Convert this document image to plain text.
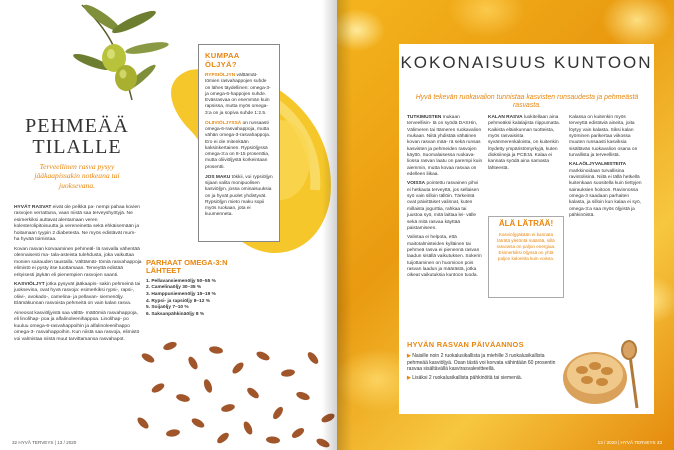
PEHMEÄÄ TILALLE

Terveellinen rasva pysyy jääkaapissakin notkeana tai juoksevana.

HYVÄT RASVAT eivät ole pelkkä pa- nempi pahaa kovien rasvojen verrattuna, vaan niistä saa terveyshyötyjä. Ne esimerkiksi auttavat alentamaan veren kolesterolipitoisuutta ja vereneinetta sekä ehkäisemään ja hoitamaan tyypin 2 diabetesta. Ne myös edistävät mum- ha hyvää toimintaa.

Kovan rasvan korvaaminen pehmeäl- lä rasvalla vähentää olennaisesti ma- tala-asteista tulehdusta, joka vaikuttaa monien sairauden taustalla. Välttämät- tömiä rasvahappoja elimistö ei pysty itse tuottamaan. Terveyttä edistää erityisesti jäykän eli pienempien rasvojen saanti.

KASVIÖLJYT jotka pysyvät jääkaapis- sakin pehmeinä tai juoksevina, ovat hyvä rasvoja: esimerkiksi rypsi-, rapsi-, oliivi-, avokado-, camelina- ja pellavan- siemenöljy. Elämäkunnan rasvoista pehmeitä on vain kalan rasva.

Aineosat kasviöljyistä saa välttä- mättömiä rasvahappoja, eli linolihap- poa ja alfalinoleenihappoa. Linolihap- po kuuluu omega-6-rasvahappoihin ja alfalinoleenihappo omega-3- rasvahappoihin. Kun niistä saa rasvoja, elimistö voi valmistaa niistä muut tarvittamansa rasvahapot.

KUMPAA ÖLJYÄ?

RYPSIÖLJYN välttämät- tömien rasvahappojen suhde on lähes täydellinen: omega-3- ja omega-6-happojen suhde. Eväsrasvaa on enemmän kuin rapsissa, mutta myös omega-3:a on ja sopiva suhde 1:2.5.

OLIIVIÖLJYSSÄ on runsaasti omega-6-rasvahappoja, mutta vähän omega-3-rasvahappoja. Ero ei ole mitenkään kaksinkertainen. Rypsiöljyssä omega-3:a on 8-15 prosenttia, mutta oliiviöljystä korkeintaan prosentti.

JOS MAKU tökkii, voi rypsiöljyn sijaan valita monipuolisen kasviöljyn, jossa ominaisuuksia on ja hyvät puolet yhdistyvät. Rypsiöljyn mieto maku sopii myös ruokaan, jota ei kuumenneta.

PARHAAT OMEGA-3:N LÄHTEET
1. Pellavansiemenöljy 50–55 %
2. Camelinaöljy 30–35 %
3. Hamppuniemenöljy 15–19 %
4. Rypsi- ja rapsiöljy 8–12 %
5. Soijaöljy 7–10 %
6. Saksanpähkinäöljy 8 %
32 HYVÄ TERVEYS | 13 / 2020
KOKONAISUUS KUNTOON

Hyvä tekevän ruokavalion tunnistaa kasvisten runsaudesta ja pehmeästä rasvasta.

TUTKIMUSTEN mukaan terveellisin- tä on syödä DASHin, Välimeren tai Itämeren ruokavalion mukaan. Niitä yhdistää vähäinen kovan rasvan mää- rä sekä runsas kasvisten ja pehmeiden rasvojen käyttö. Suomalaisessa ruokava- liossa rasvan laatu on parempi kuin aiemmin, mutta kovaa rasvaa on edelleen liikaa.

VOISSA pointettu rasvainen pihvi ei hetkauta terveyttä, jos sellaisen syö vain silloin tällöin. Tärkeintä ovat päivittäiset valinnat, kuten millaista jogurttia, rahkaa tai juustoa syö, mitä laittaa lei- välle sekä mitä rasvaa käyttää paistamiseen.

Valintaa ei helpota, että maitotalmisteiden kylläinen tai pehmeä rasva ei pienennä rasvan laadun sisällä vaikutuksen. Sokerin tuijottaminen on huomioon pois rasvan laadun ja määrästä, jotka oikeat vaikutuksia kuntoon tuoda.

KALAN RASVA luokitellaan aina pehmeäksi kalalajista riippumatta. Kaikista eläinkunnan tuotteista, myös rasvaisista syvänmerenkaloista, on kuitenkin löydetty ympäristömyrkyjä, kuten dioksiineja ja PCB:tä. Kalaa ei kannata syödä aina samasta lähteestä.

ÄLÄ LÄTRÄÄ!

Kasviöljyjäkään ei kannata läträtä yletöntä määrää, sillä rasvassa on paljon energiaa. Esimerkiksi öljyssä on yhtä paljon kaloreita kuin voissa.

Kalassa on kuitenkin myös terveyttä edistäviä aineita, joita löytyy vain kalasta. Siksi kalan syöminen parikertaa viikossa muuten runsaasti kasviksia sisältävän ruokavalion osana on turvallista ja terveellistä.

KALAÖLJYVALMISTEITA markkinoidaan turvallisina ravintolisinä. Niitä ei tällä hetkellä kuitenkaan suositella kuin tiettyjen sairauksien hoitoon. Ravinnossa omega-3 saadaan parhaiten kalasta, ja silloin kun kalaa ei syö, omega-3:a saa myös öljyistä ja pähkinöistä.

HYVÄN RASVAN PÄIVÄANNOS

▶ Naisille noin 2 ruokalusikallista ja miehille 3 ruokalusikallista pehmeää kasviöljyä. Osan tästä voi korvata vähintään 60 prosentin rasvaa sisältävällä kasvirasvalevitteellä.

▶ Lisäksi 2 ruokalusikallista pähkinöitä tai siemeniä.

13 / 2020 | HYVÄ TERVEYS 33
